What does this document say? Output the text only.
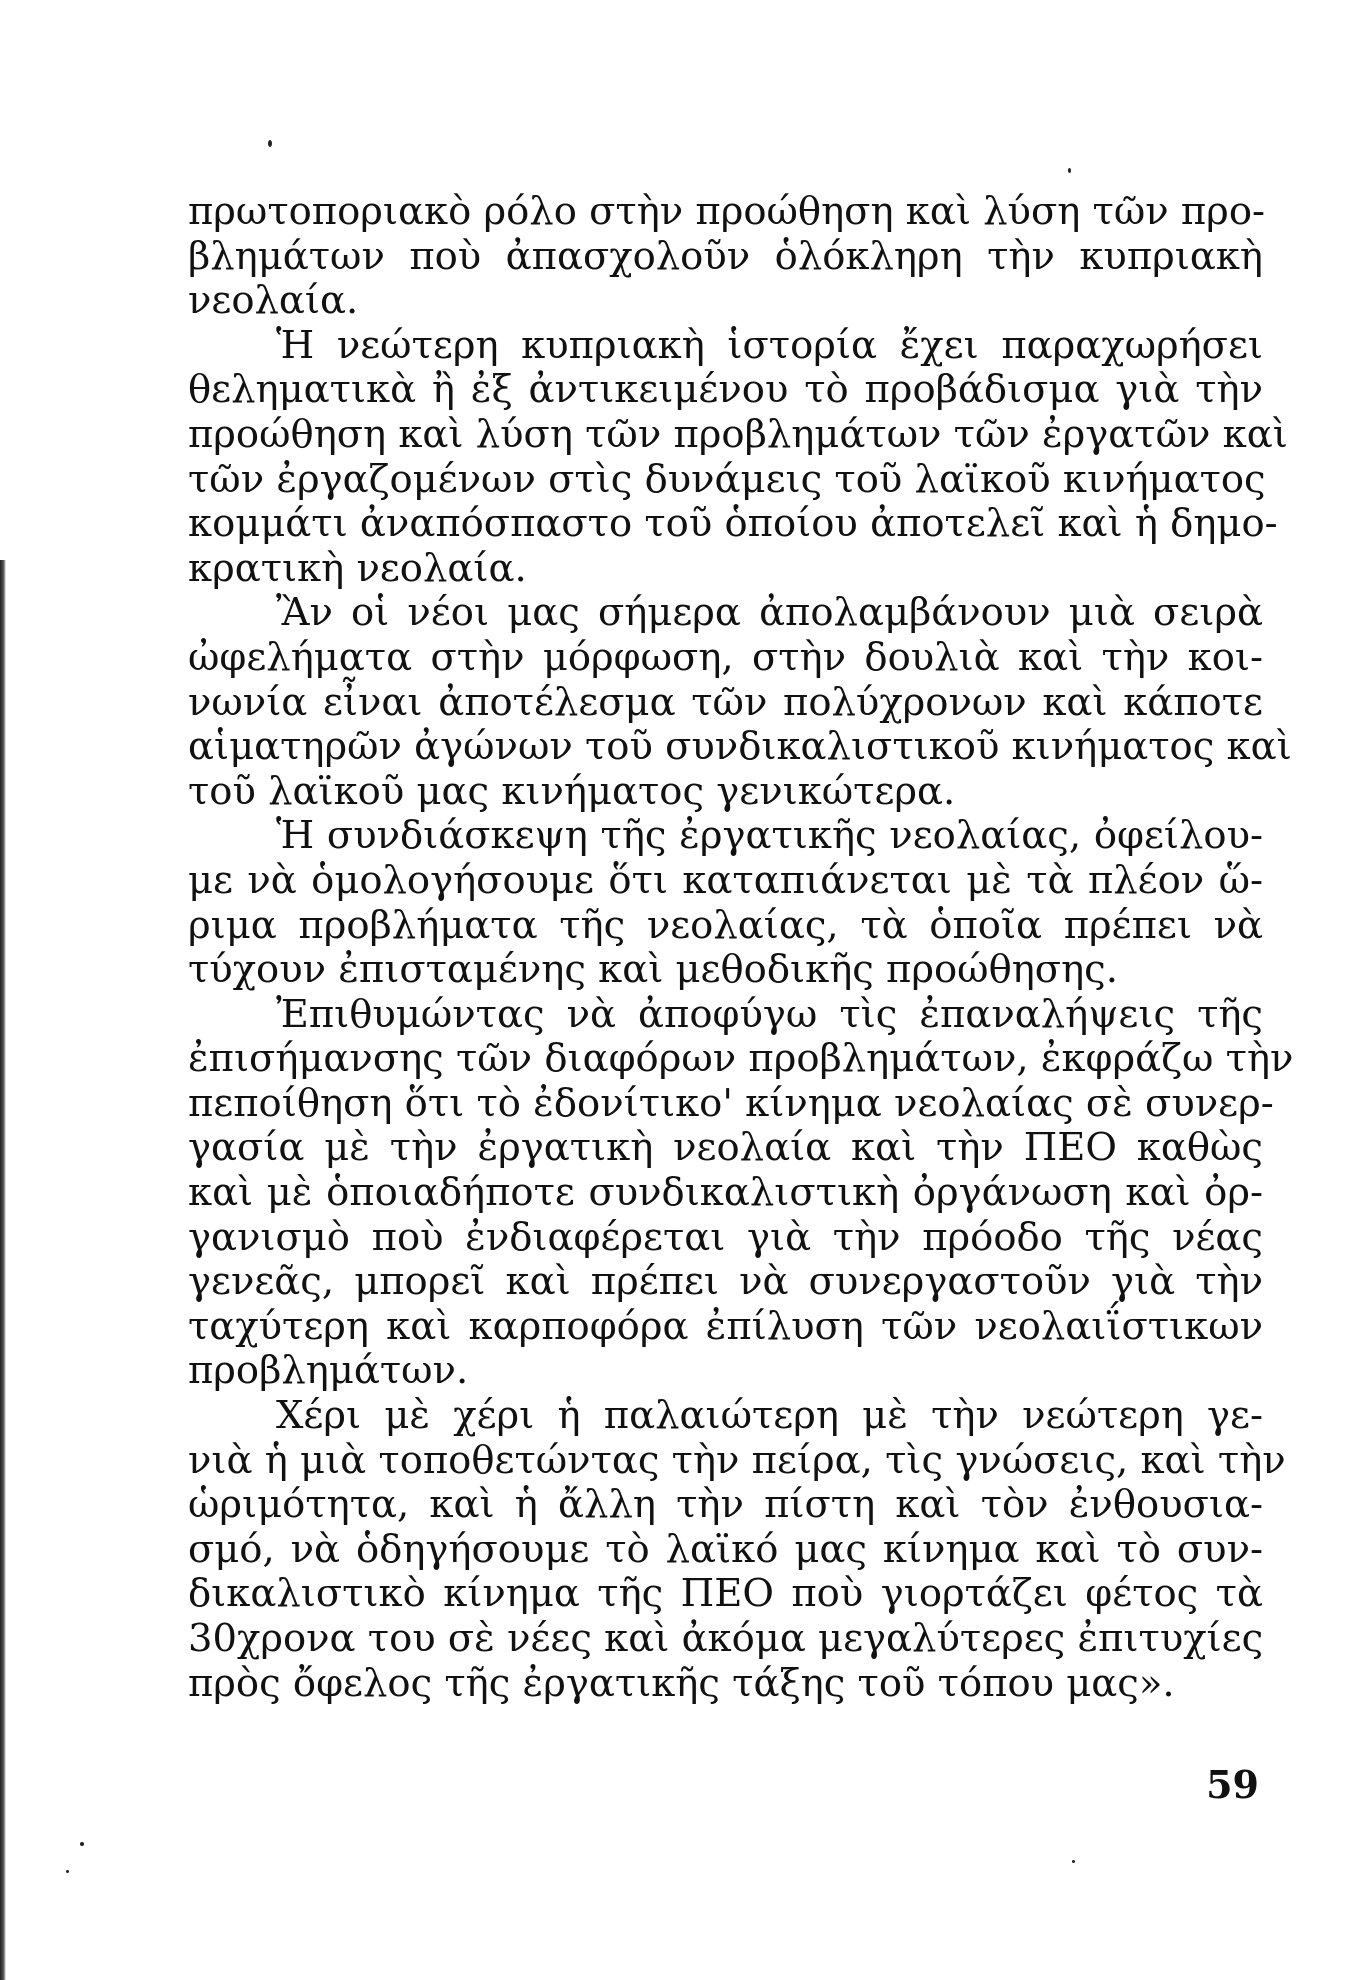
πρωτοποριακὸ ρόλο στὴν προώθηση καὶ λύση τῶν προ-
βλημάτων ποὺ ἀπασχολοῦν ὁλόκληρη τὴν κυπριακὴ
νεολαία.
Ἡ νεώτερη κυπριακὴ ἱστορία ἔχει παραχωρήσει
θεληματικὰ ἢ ἐξ ἀντικειμένου τὸ προβάδισμα γιὰ τὴν
προώθηση καὶ λύση τῶν προβλημάτων τῶν ἐργατῶν καὶ
τῶν ἐργαζομένων στὶς δυνάμεις τοῦ λαϊκοῦ κινήματος
κομμάτι ἀναπόσπαστο τοῦ ὁποίου ἀποτελεῖ καὶ ἡ δημο-
κρατικὴ νεολαία.
Ἂν οἱ νέοι μας σήμερα ἀπολαμβάνουν μιὰ σειρὰ
ὠφελήματα στὴν μόρφωση, στὴν δουλιὰ καὶ τὴν κοι-
νωνία εἶναι ἀποτέλεσμα τῶν πολύχρονων καὶ κάποτε
αἱματηρῶν ἀγώνων τοῦ συνδικαλιστικοῦ κινήματος καὶ
τοῦ λαϊκοῦ μας κινήματος γενικώτερα.
Ἡ συνδιάσκεψη τῆς ἐργατικῆς νεολαίας, ὀφείλου-
με νὰ ὁμολογήσουμε ὅτι καταπιάνεται μὲ τὰ πλέον ὥ-
ριμα προβλήματα τῆς νεολαίας, τὰ ὁποῖα πρέπει νὰ
τύχουν ἐπισταμένης καὶ μεθοδικῆς προώθησης.
Ἐπιθυμώντας νὰ ἀποφύγω τὶς ἐπαναλήψεις τῆς
ἐπισήμανσης τῶν διαφόρων προβλημάτων, ἐκφράζω τὴν
πεποίθηση ὅτι τὸ ἐδονίτικο' κίνημα νεολαίας σὲ συνερ-
γασία μὲ τὴν ἐργατικὴ νεολαία καὶ τὴν ΠΕΟ καθὼς
καὶ μὲ ὁποιαδήποτε συνδικαλιστικὴ ὀργάνωση καὶ ὀρ-
γανισμὸ ποὺ ἐνδιαφέρεται γιὰ τὴν πρόοδο τῆς νέας
γενεᾶς, μπορεῖ καὶ πρέπει νὰ συνεργαστοῦν γιὰ τὴν
ταχύτερη καὶ καρποφόρα ἐπίλυση τῶν νεολαιΐστικων
προβλημάτων.
Χέρι μὲ χέρι ἡ παλαιώτερη μὲ τὴν νεώτερη γε-
νιὰ ἡ μιὰ τοποθετώντας τὴν πείρα, τὶς γνώσεις, καὶ τὴν
ὡριμότητα, καὶ ἡ ἄλλη τὴν πίστη καὶ τὸν ἐνθουσια-
σμό, νὰ ὁδηγήσουμε τὸ λαϊκό μας κίνημα καὶ τὸ συν-
δικαλιστικὸ κίνημα τῆς ΠΕΟ ποὺ γιορτάζει φέτος τὰ
30χρονα του σὲ νέες καὶ ἀκόμα μεγαλύτερες ἐπιτυχίες
πρὸς ὄφελος τῆς ἐργατικῆς τάξης τοῦ τόπου μας».
59
